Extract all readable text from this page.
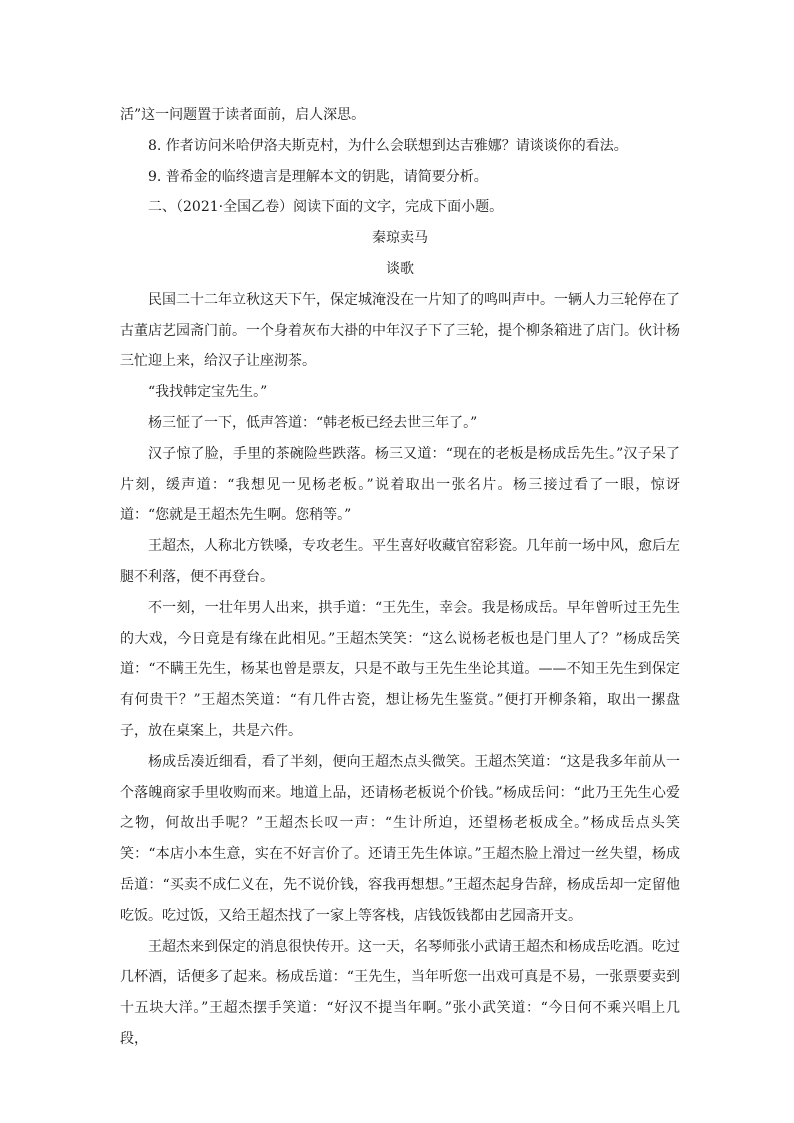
活”这一问题置于读者面前，启人深思。

8. 作者访问米哈伊洛夫斯克村，为什么会联想到达吉雅娜？请谈谈你的看法。

9. 普希金的临终遗言是理解本文的钥匙，请简要分析。

二、（2021·全国乙卷）阅读下面的文字，完成下面小题。

秦琼卖马

谈歌

民国二十二年立秋这天下午，保定城淹没在一片知了的鸣叫声中。一辆人力三轮停在了古董店艺园斋门前。一个身着灰布大褂的中年汉子下了三轮，提个柳条箱进了店门。伙计杨三忙迎上来，给汉子让座沏茶。

“我找韩定宝先生。”

杨三怔了一下，低声答道：“韩老板已经去世三年了。”

汉子惊了脸，手里的茶碗险些跌落。杨三又道：“现在的老板是杨成岳先生。”汉子呆了片刻，缓声道：“我想见一见杨老板。”说着取出一张名片。杨三接过看了一眼，惊讶道：“您就是王超杰先生啊。您稍等。”

王超杰，人称北方铁嗓，专攻老生。平生喜好收藏官窑彩瓷。几年前一场中风，愈后左腿不利落，便不再登台。

不一刻，一壮年男人出来，拱手道：“王先生，幸会。我是杨成岳。早年曾听过王先生的大戏，今日竟是有缘在此相见。”王超杰笑笑：“这么说杨老板也是门里人了？”杨成岳笑道：“不瞒王先生，杨某也曾是票友，只是不敢与王先生坐论其道。——不知王先生到保定有何贵干？”王超杰笑道：“有几件古瓷，想让杨先生鉴赏。”便打开柳条箱，取出一摞盘子，放在桌案上，共是六件。

杨成岳凑近细看，看了半刻，便向王超杰点头微笑。王超杰笑道：“这是我多年前从一个落魄商家手里收购而来。地道上品，还请杨老板说个价钱。”杨成岳问：“此乃王先生心爱之物，何故出手呢？”王超杰长叹一声：“生计所迫，还望杨老板成全。”杨成岳点头笑笑：“本店小本生意，实在不好言价了。还请王先生体谅。”王超杰脸上滑过一丝失望，杨成岳道：“买卖不成仁义在，先不说价钱，容我再想想。”王超杰起身告辞，杨成岳却一定留他吃饭。吃过饭，又给王超杰找了一家上等客栈，店钱饭钱都由艺园斋开支。

王超杰来到保定的消息很快传开。这一天，名琴师张小武请王超杰和杨成岳吃酒。吃过几杯酒，话便多了起来。杨成岳道：“王先生，当年听您一出戏可真是不易，一张票要卖到十五块大洋。”王超杰摆手笑道：“好汉不提当年啊。”张小武笑道：“今日何不乘兴唱上几段，
